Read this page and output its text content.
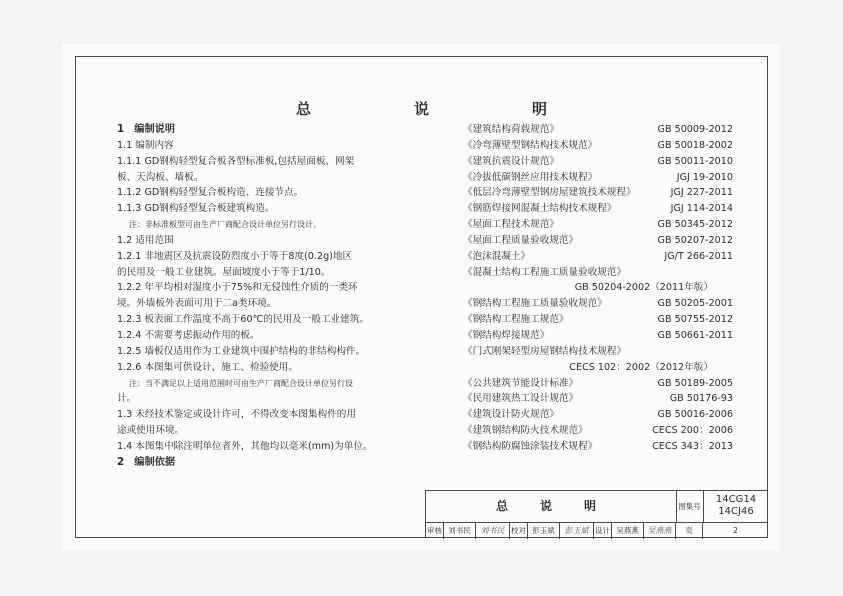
总　说　明
1　编制说明
1.1 编制内容
1.1.1 GD钢构轻型复合板各型标准板,包括屋面板、网架
板、天沟板、墙板。
1.1.2 GD钢构轻型复合板构造、连接节点。
1.1.3 GD钢构轻型复合板建筑构造。
注：非标准板型可由生产厂商配合设计单位另行设计。
1.2 适用范围
1.2.1 非地震区及抗震设防烈度小于等于8度(0.2g)地区
的民用及一般工业建筑。屋面坡度小于等于1/10。
1.2.2 年平均相对湿度小于75%和无侵蚀性介质的一类环
境。外墙板外表面可用于二a类环境。
1.2.3 板表面工作温度不高于60℃的民用及一般工业建筑。
1.2.4 不需要考虑振动作用的板。
1.2.5 墙板仅适用作为工业建筑中围护结构的非结构构件。
1.2.6 本图集可供设计、施工、检验使用。
注：当不满足以上适用范围时可由生产厂商配合设计单位另行设
计。
1.3 未经技术鉴定或设计许可，不得改变本图集构件的用
途或使用环境。
1.4 本图集中除注明单位者外，其他均以毫米(mm)为单位。
2　编制依据
《建筑结构荷载规范》	GB 50009-2012
《冷弯薄壁型钢结构技术规范》	GB 50018-2002
《建筑抗震设计规范》	GB 50011-2010
《冷拔低碳钢丝应用技术规程》	JGJ 19-2010
《低层冷弯薄壁型钢房屋建筑技术规程》	JGJ 227-2011
《钢筋焊接网混凝土结构技术规程》	JGJ 114-2014
《屋面工程技术规范》	GB 50345-2012
《屋面工程质量验收规范》	GB 50207-2012
《泡沫混凝土》	JG/T 266-2011
《混凝土结构工程施工质量验收规范》
GB 50204-2002（2011年版）
《钢结构工程施工质量验收规范》	GB 50205-2001
《钢结构工程施工规范》	GB 50755-2012
《钢结构焊接规范》	GB 50661-2011
《门式刚架轻型房屋钢结构技术规程》
CECS 102：2002（2012年版）
《公共建筑节能设计标准》	GB 50189-2005
《民用建筑热工设计规范》	GB 50176-93
《建筑设计防火规范》	GB 50016-2006
《建筑钢结构防火技术规范》	CECS 200：2006
《钢结构防腐蚀涂装技术规程》	CECS 343：2013
总　说　明	图集号
14CG14
14CJ46
审核 刘书民	刘书民 校对 彭玉斌	彭玉斌 设计 吴燕燕	吴燕燕	页	2
